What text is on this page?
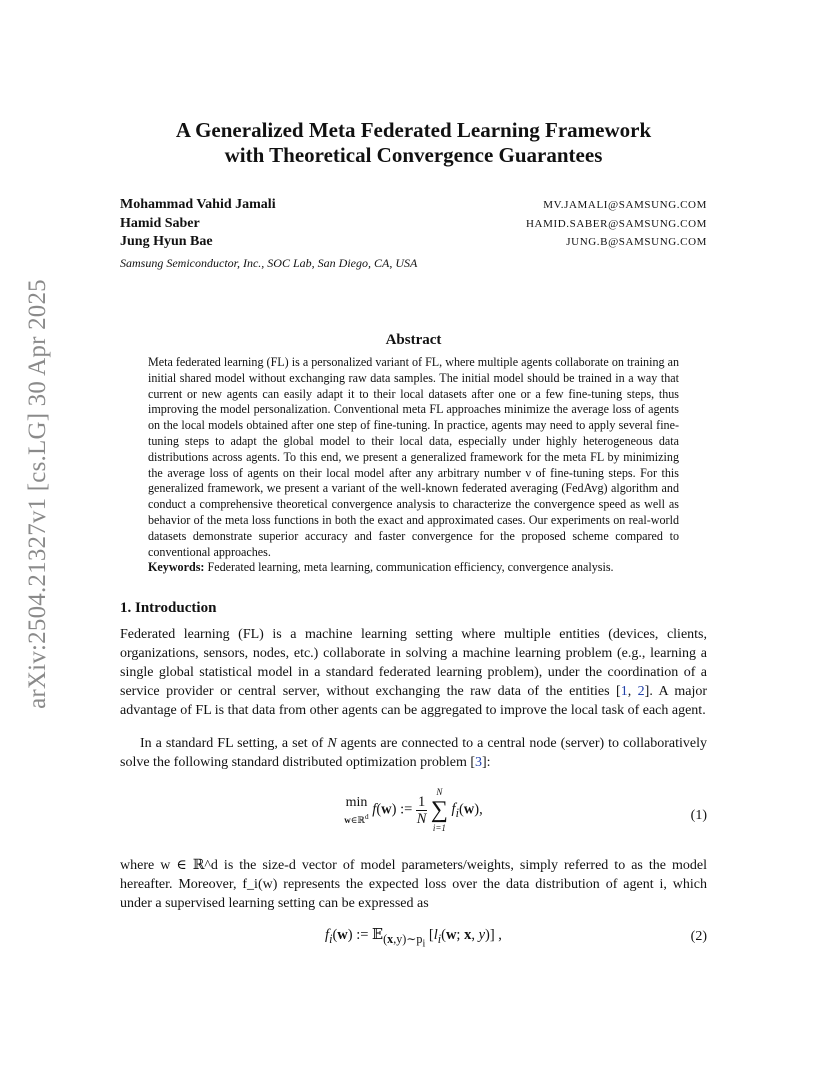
arXiv:2504.21327v1 [cs.LG] 30 Apr 2025
A Generalized Meta Federated Learning Framework
with Theoretical Convergence Guarantees
Mohammad Vahid Jamali	MV.JAMALI@SAMSUNG.COM
Hamid Saber	HAMID.SABER@SAMSUNG.COM
Jung Hyun Bae	JUNG.B@SAMSUNG.COM
Samsung Semiconductor, Inc., SOC Lab, San Diego, CA, USA
Abstract
Meta federated learning (FL) is a personalized variant of FL, where multiple agents collaborate on training an initial shared model without exchanging raw data samples. The initial model should be trained in a way that current or new agents can easily adapt it to their local datasets after one or a few fine-tuning steps, thus improving the model personalization. Conventional meta FL approaches minimize the average loss of agents on the local models obtained after one step of fine-tuning. In practice, agents may need to apply several fine-tuning steps to adapt the global model to their local data, especially under highly heterogeneous data distributions across agents. To this end, we present a generalized framework for the meta FL by minimizing the average loss of agents on their local model after any arbitrary number ν of fine-tuning steps. For this generalized framework, we present a variant of the well-known federated averaging (FedAvg) algorithm and conduct a comprehensive theoretical convergence analysis to characterize the convergence speed as well as behavior of the meta loss functions in both the exact and approximated cases. Our experiments on real-world datasets demonstrate superior accuracy and faster convergence for the proposed scheme compared to conventional approaches.
Keywords: Federated learning, meta learning, communication efficiency, convergence analysis.
1. Introduction

Federated learning (FL) is a machine learning setting where multiple entities (devices, clients, organizations, sensors, nodes, etc.) collaborate in solving a machine learning problem (e.g., learning a single global statistical model in a standard federated learning problem), under the coordination of a service provider or central server, without exchanging the raw data of the entities [1, 2]. A major advantage of FL is that data from other agents can be aggregated to improve the local task of each agent.

In a standard FL setting, a set of N agents are connected to a central node (server) to collaboratively solve the following standard distributed optimization problem [3]:

min
w∈ℝ$^d$ f(w) := $\frac{1}{N}$

N
∑
i=1
$f_i(w)$,	(1)

where w ∈ ℝ^d is the size-d vector of model parameters/weights, simply referred to as the model hereafter. Moreover, f_i(w) represents the expected loss over the data distribution of agent i, which under a supervised learning setting can be expressed as

$f_i(w)$ := 𝔼$_{(x,y)\sim p_i}$ [$l_i(w$; x, y)] ,	(2)
